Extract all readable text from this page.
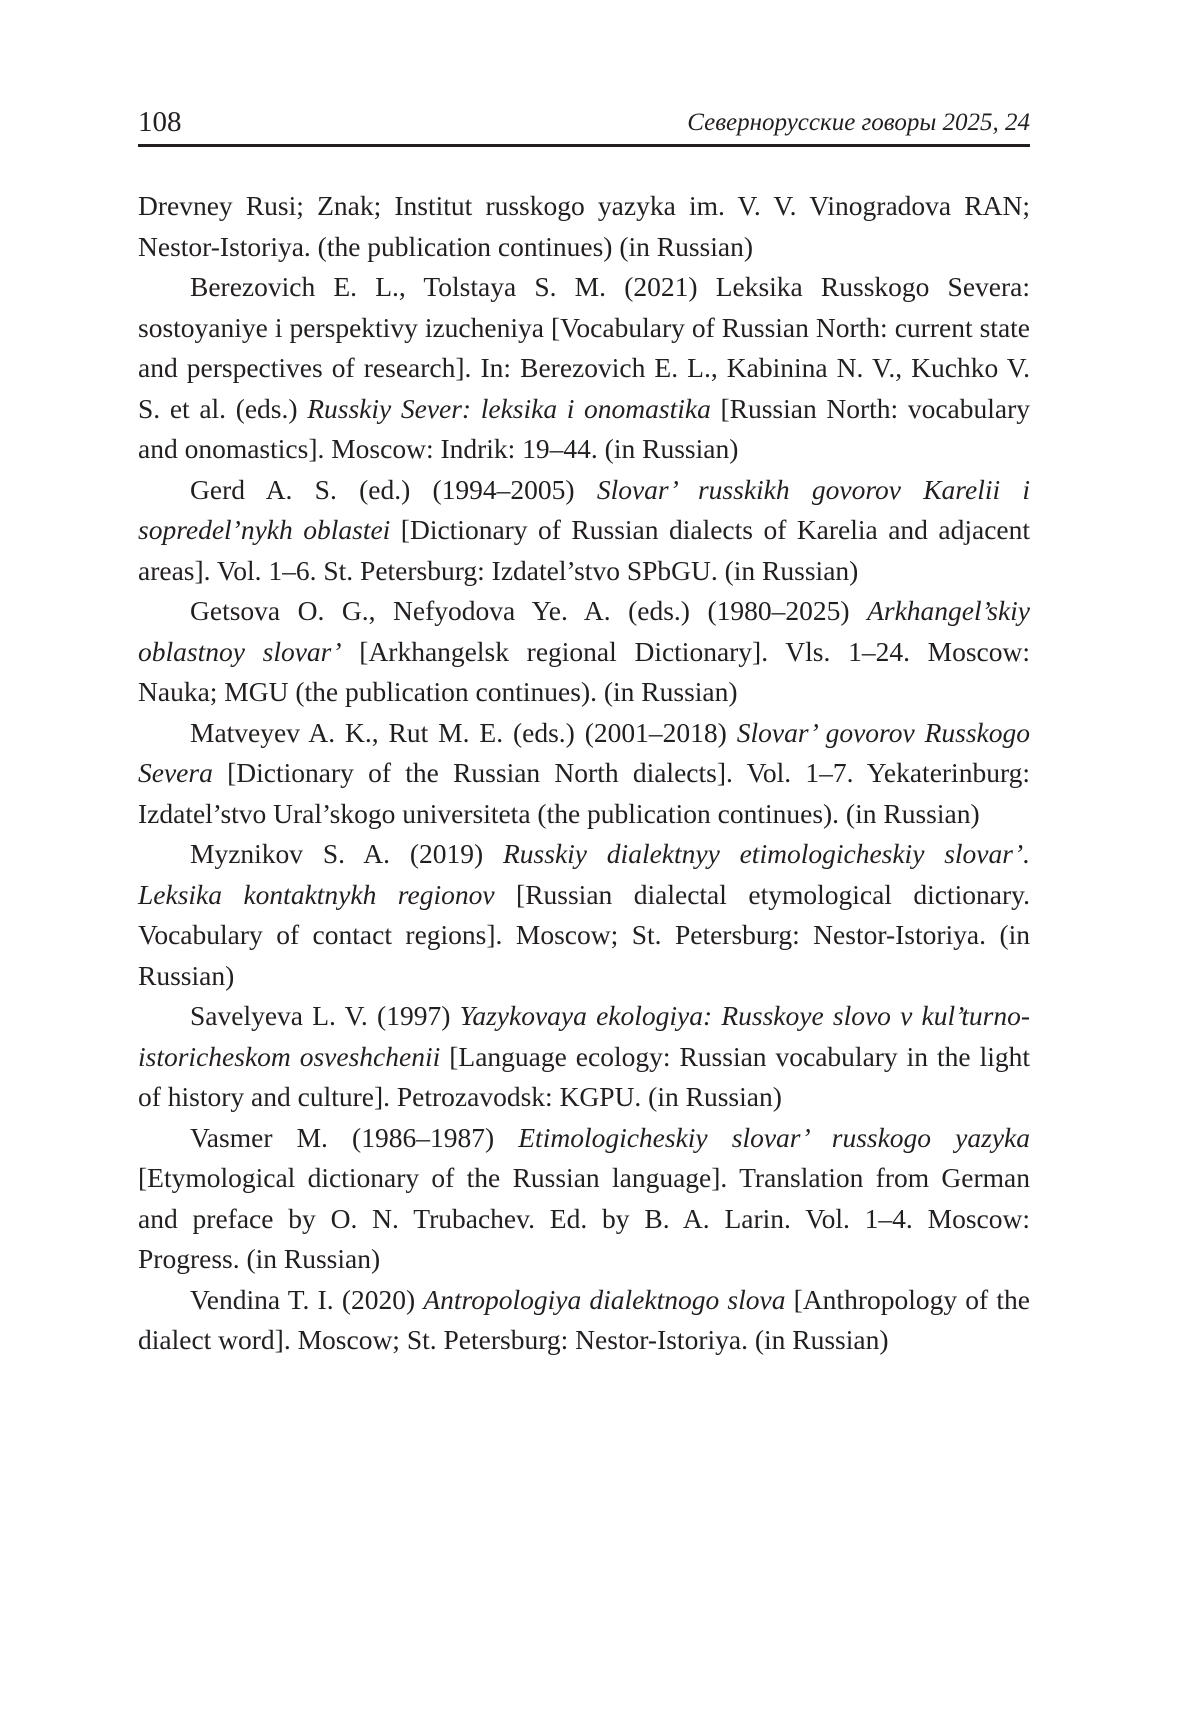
108	Севернорусские говоры 2025, 24

Drevney Rusi; Znak; Institut russkogo yazyka im. V. V. Vinogradova RAN; Nestor-Istoriya. (the publication continues) (in Russian)

Berezovich E. L., Tolstaya S. M. (2021) Leksika Russkogo Severa: sostoyaniye i perspektivy izucheniya [Vocabulary of Russian North: current state and perspectives of research]. In: Berezovich E. L., Kabinina N. V., Kuchko V. S. et al. (eds.) Russkiy Sever: leksika i onomastika [Russian North: vocabulary and onomastics]. Moscow: Indrik: 19–44. (in Russian)

Gerd A. S. (ed.) (1994–2005) Slovar’ russkikh govorov Karelii i sopredel’nykh oblastei [Dictionary of Russian dialects of Karelia and adjacent areas]. Vol. 1–6. St. Petersburg: Izdatel’stvo SPbGU. (in Russian)

Getsova O. G., Nefyodova Ye. A. (eds.) (1980–2025) Arkhangel’skiy oblastnoy slovar’ [Arkhangelsk regional Dictionary]. Vls. 1–24. Moscow: Nauka; MGU (the publication continues). (in Russian)

Matveyev A. K., Rut M. E. (eds.) (2001–2018) Slovar’ govorov Russkogo Severa [Dictionary of the Russian North dialects]. Vol. 1–7. Yekaterinburg: Izdatel’stvo Ural’skogo universiteta (the publication continues). (in Russian)

Myznikov S. A. (2019) Russkiy dialektnyy etimologicheskiy slovar’. Leksika kontaktnykh regionov [Russian dialectal etymological dictionary. Vocabulary of contact regions]. Moscow; St. Petersburg: Nestor-Istoriya. (in Russian)

Savelyeva L. V. (1997) Yazykovaya ekologiya: Russkoye slovo v kul’turno-istoricheskom osveshchenii [Language ecology: Russian vocabulary in the light of history and culture]. Petrozavodsk: KGPU. (in Russian)

Vasmer M. (1986–1987) Etimologicheskiy slovar’ russkogo yazyka [Etymological dictionary of the Russian language]. Translation from German and preface by O. N. Trubachev. Ed. by B. A. Larin. Vol. 1–4. Moscow: Progress. (in Russian)

Vendina T. I. (2020) Antropologiya dialektnogo slova [Anthropology of the dialect word]. Moscow; St. Petersburg: Nestor-Istoriya. (in Russian)
